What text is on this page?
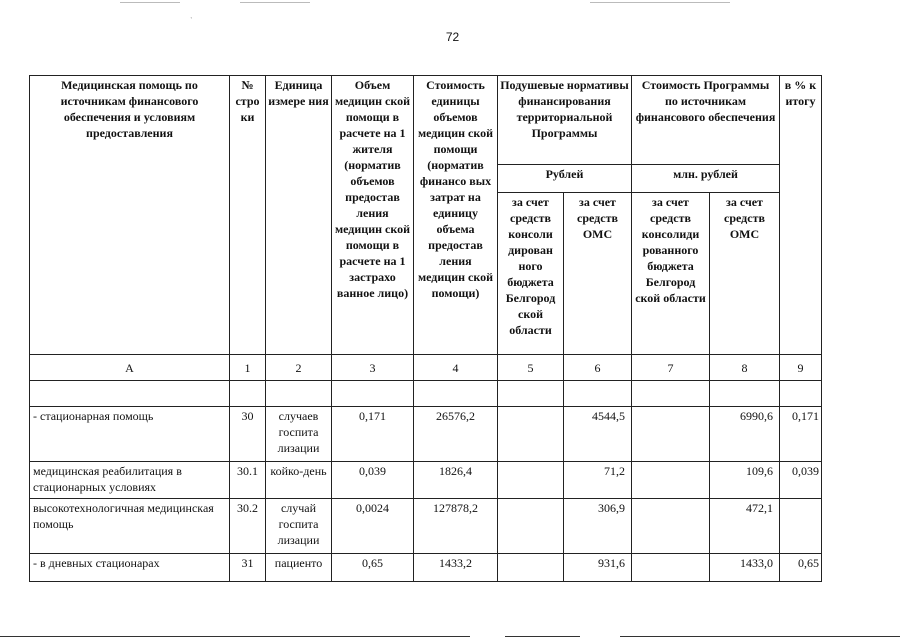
ˑ
72
Медицинская помощь по источникам финансового обеспечения и условиям предоставления	№ стро ки	Единица измере ния	Объем медицин ской помощи в расчете на 1 жителя (норматив объемов предостав ления медицин ской помощи в расчете на 1 застрахо ванное лицо)	Стоимость единицы объемов медицин ской помощи (норматив финансо вых затрат на единицу объема предостав ления медицин ской помощи)	Подушевые нормативы финансирования территориальной Программы		Стоимость Программы по источникам финансового обеспечения		в % к итогу
					Рублей		млн. рублей		
					за счет средств консоли дирован ного бюджета Белгород ской области	за счет средств ОМС	за счет средств консолиди рованного бюджета Белгород ской области	за счет средств ОМС	
А	1	2	3	4	5	6	7	8	9

- стационарная помощь	30	случаев госпита лизации	0,171	26576,2		4544,5		6990,6	0,171
медицинская реабилитация в стационарных условиях	30.1	койко-день	0,039	1826,4		71,2		109,6	0,039
высокотехнологичная медицинская помощь	30.2	случай госпита лизации	0,0024	127878,2		306,9		472,1	
- в дневных стационарах	31	пациенто	0,65	1433,2		931,6		1433,0	0,65
